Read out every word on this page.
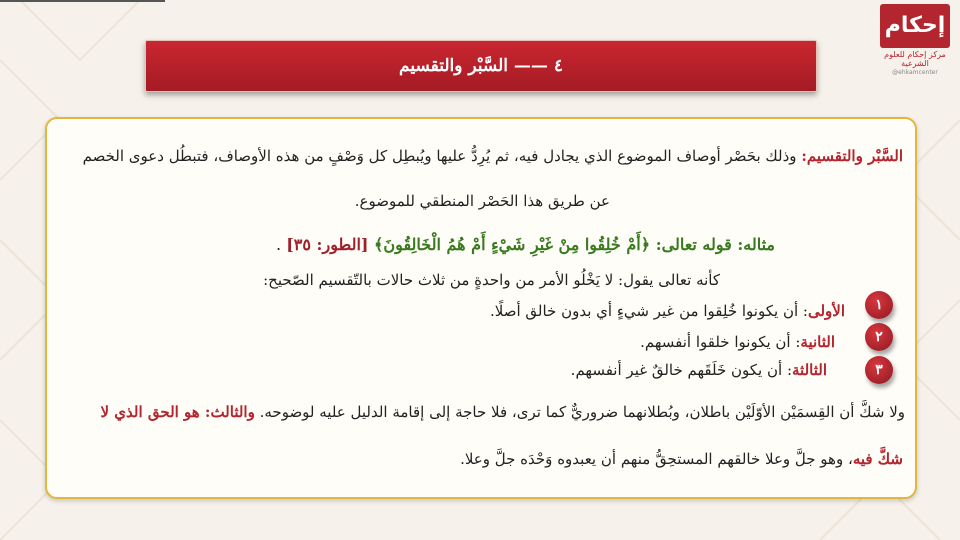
إحكام
مركز إحكام للعلوم الشرعية
@ehkamcenter
٤ —— السَّبْر والتقسيم
السَّبْر والتقسيم: وذلك بحَصْر أوصاف الموضوع الذي يجادل فيه، ثم يُرِدُّ عليها ويُبطِل كل وَصْفٍ من هذه الأوصاف، فتبطُل دعوى الخصم
عن طريق هذا الحَصْر المنطقي للموضوع.
مثاله: قوله تعالى: ﴿أَمْ خُلِقُوا مِنْ غَيْرِ شَيْءٍ أَمْ هُمُ الْخَالِقُونَ﴾ [الطور: ٣٥] .
كأنه تعالى يقول: لا يَخْلُو الأمر من واحدةٍ من ثلاث حالات بالتّقسيم الصّحيح:
١
الأولى: أن يكونوا خُلِقوا من غير شيءٍ أي بدون خالق أصلًا.
٢
الثانية: أن يكونوا خلقوا أنفسهم.
٣
الثالثة: أن يكون خَلَقَهم خالقٌ غير أنفسهم.
ولا شكَّ أن القِسمَيْن الأوّلَيْن باطلان، وبُطلانهما ضروريٌّ كما ترى، فلا حاجة إلى إقامة الدليل عليه لوضوحه. والثالث: هو الحق الذي لا
شكَّ فيه، وهو جلَّ وعلا خالقهم المستحِقُّ منهم أن يعبدوه وَحْدَه جلَّ وعلا.
